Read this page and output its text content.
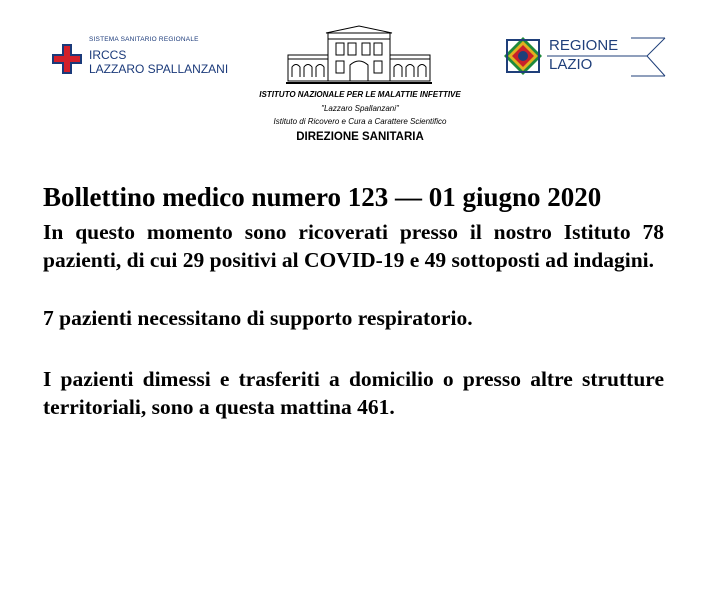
SISTEMA SANITARIO REGIONALE
IRCCS
LAZZARO SPALLANZANI
ISTITUTO NAZIONALE PER LE MALATTIE INFETTIVE
"Lazzaro Spallanzani"
Istituto di Ricovero e Cura a Carattere Scientifico
DIREZIONE SANITARIA
REGIONE
LAZIO
Bollettino medico numero 123 — 01 giugno 2020

In questo momento sono ricoverati presso il nostro Istituto 78 pazienti, di cui 29 positivi al COVID-19 e 49 sottoposti ad indagini.

7 pazienti necessitano di supporto respiratorio.

I pazienti dimessi e trasferiti a domicilio o presso altre strutture territoriali, sono a questa mattina 461.
